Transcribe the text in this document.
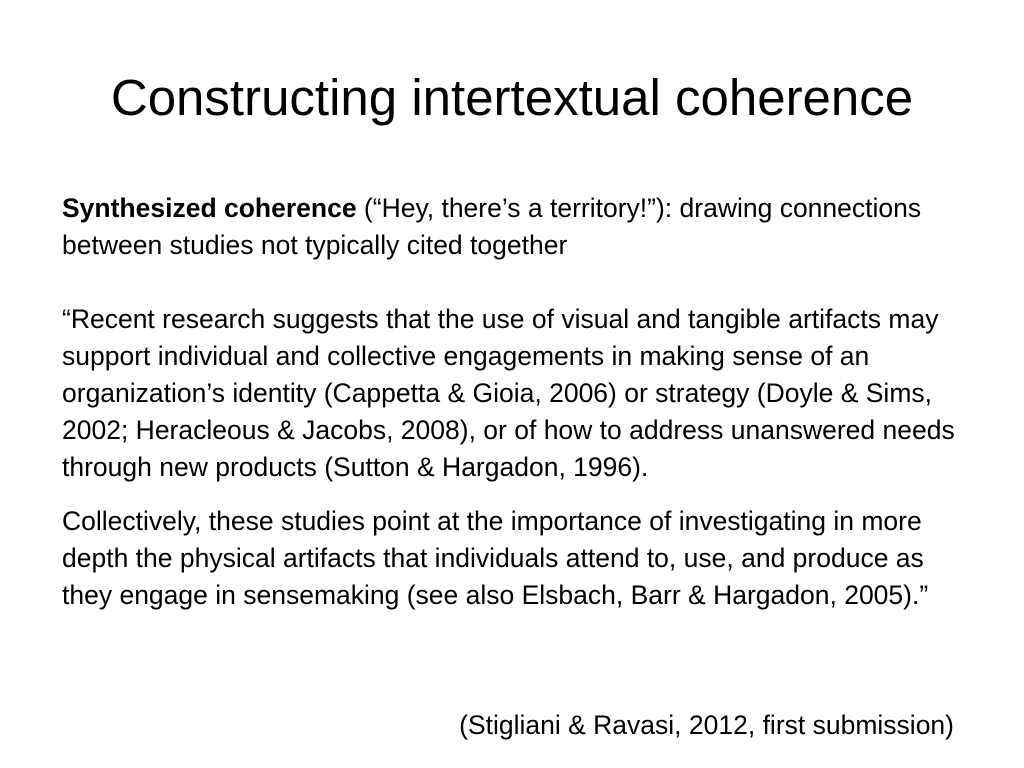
Constructing intertextual coherence

Synthesized coherence (“Hey, there’s a territory!”): drawing connections between studies not typically cited together

“Recent research suggests that the use of visual and tangible artifacts may support individual and collective engagements in making sense of an organization’s identity (Cappetta & Gioia, 2006) or strategy (Doyle & Sims, 2002; Heracleous & Jacobs, 2008), or of how to address unanswered needs through new products (Sutton & Hargadon, 1996).

Collectively, these studies point at the importance of investigating in more depth the physical artifacts that individuals attend to, use, and produce as they engage in sensemaking (see also Elsbach, Barr & Hargadon, 2005).”

(Stigliani & Ravasi, 2012, first submission)
